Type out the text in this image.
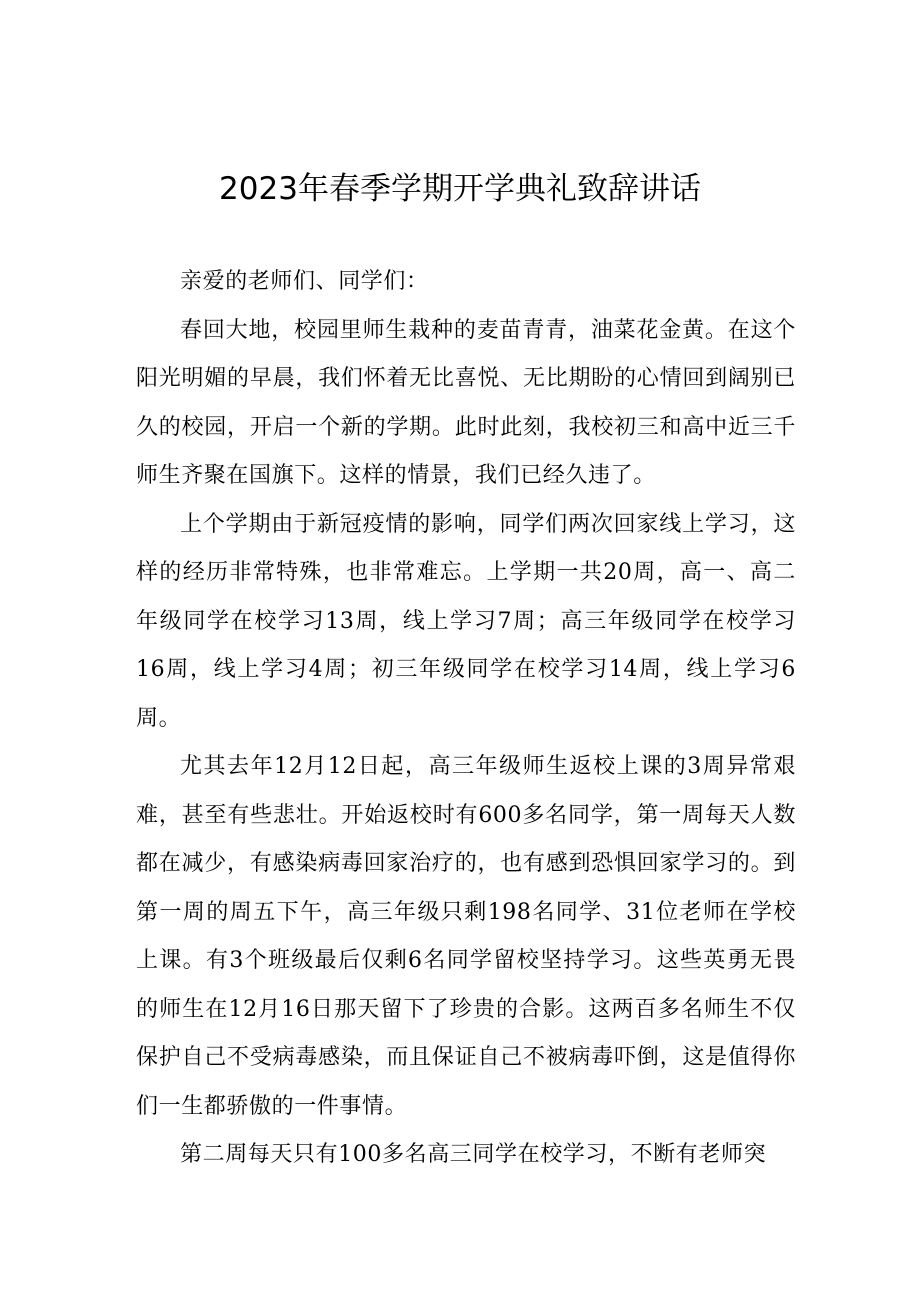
2023年春季学期开学典礼致辞讲话

亲爱的老师们、同学们：

春回大地，校园里师生栽种的麦苗青青，油菜花金黄。在这个阳光明媚的早晨，我们怀着无比喜悦、无比期盼的心情回到阔别已久的校园，开启一个新的学期。此时此刻，我校初三和高中近三千师生齐聚在国旗下。这样的情景，我们已经久违了。

上个学期由于新冠疫情的影响，同学们两次回家线上学习，这样的经历非常特殊，也非常难忘。上学期一共20周，高一、高二年级同学在校学习13周，线上学习7周；高三年级同学在校学习16周，线上学习4周；初三年级同学在校学习14周，线上学习6周。

尤其去年12月12日起，高三年级师生返校上课的3周异常艰难，甚至有些悲壮。开始返校时有600多名同学，第一周每天人数都在减少，有感染病毒回家治疗的，也有感到恐惧回家学习的。到第一周的周五下午，高三年级只剩198名同学、31位老师在学校上课。有3个班级最后仅剩6名同学留校坚持学习。这些英勇无畏的师生在12月16日那天留下了珍贵的合影。这两百多名师生不仅保护自己不受病毒感染，而且保证自己不被病毒吓倒，这是值得你们一生都骄傲的一件事情。

第二周每天只有100多名高三同学在校学习，不断有老师突
